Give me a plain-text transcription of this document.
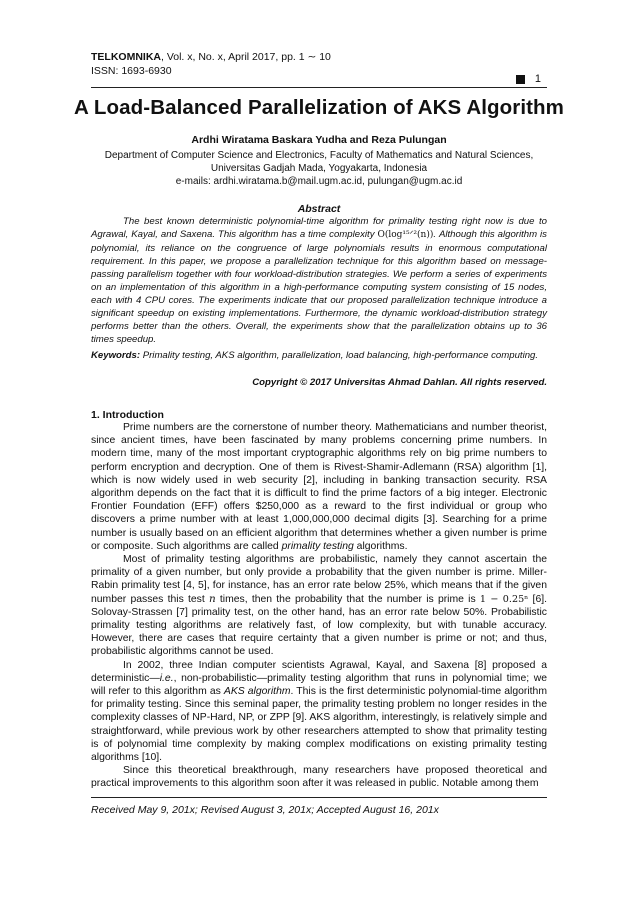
TELKOMNIKA, Vol. x, No. x, April 2017, pp. 1 ∼ 10
ISSN: 1693-6930
1
A Load-Balanced Parallelization of AKS Algorithm
Ardhi Wiratama Baskara Yudha and Reza Pulungan
Department of Computer Science and Electronics, Faculty of Mathematics and Natural Sciences,
Universitas Gadjah Mada, Yogyakarta, Indonesia
e-mails: ardhi.wiratama.b@mail.ugm.ac.id, pulungan@ugm.ac.id
Abstract
The best known deterministic polynomial-time algorithm for primality testing right now is due to Agrawal, Kayal, and Saxena. This algorithm has a time complexity O(log¹⁵ᐟ²(n)). Although this algorithm is polynomial, its reliance on the congruence of large polynomials results in enormous computational requirement. In this paper, we propose a parallelization technique for this algorithm based on message-passing parallelism together with four workload-distribution strategies. We perform a series of experiments on an implementation of this algorithm in a high-performance computing system consisting of 15 nodes, each with 4 CPU cores. The experiments indicate that our proposed parallelization technique introduce a significant speedup on existing implementations. Furthermore, the dynamic workload-distribution strategy performs better than the others. Overall, the experiments show that the parallelization obtains up to 36 times speedup.
Keywords: Primality testing, AKS algorithm, parallelization, load balancing, high-performance computing.
Copyright © 2017 Universitas Ahmad Dahlan. All rights reserved.
1. Introduction

Prime numbers are the cornerstone of number theory. Mathematicians and number theorist, since ancient times, have been fascinated by many problems concerning prime numbers. In modern time, many of the most important cryptographic algorithms rely on big prime numbers to perform encryption and decryption. One of them is Rivest-Shamir-Adlemann (RSA) algorithm [1], which is now widely used in web security [2], including in banking transaction security. RSA algorithm depends on the fact that it is difficult to find the prime factors of a big integer. Electronic Frontier Foundation (EFF) offers $250,000 as a reward to the first individual or group who discovers a prime number with at least 1,000,000,000 decimal digits [3]. Searching for a prime number is usually based on an efficient algorithm that determines whether a given number is prime or composite. Such algorithms are called primality testing algorithms.

Most of primality testing algorithms are probabilistic, namely they cannot ascertain the primality of a given number, but only provide a probability that the given number is prime. Miller-Rabin primality test [4, 5], for instance, has an error rate below 25%, which means that if the given number passes this test n times, then the probability that the number is prime is 1 − 0.25ⁿ [6]. Solovay-Strassen [7] primality test, on the other hand, has an error rate below 50%. Probabilistic primality testing algorithms are relatively fast, of low complexity, but with tunable accuracy. However, there are cases that require certainty that a given number is prime or not; and thus, probabilistic algorithms cannot be used.

In 2002, three Indian computer scientists Agrawal, Kayal, and Saxena [8] proposed a deterministic—i.e., non-probabilistic—primality testing algorithm that runs in polynomial time; we will refer to this algorithm as AKS algorithm. This is the first deterministic polynomial-time algorithm for primality testing. Since this seminal paper, the primality testing problem no longer resides in the complexity classes of NP-Hard, NP, or ZPP [9]. AKS algorithm, interestingly, is relatively simple and straightforward, while previous work by other researchers attempted to show that primality testing is of polynomial time complexity by making complex modifications on existing primality testing algorithms [10].

Since this theoretical breakthrough, many researchers have proposed theoretical and practical improvements to this algorithm soon after it was released in public. Notable among them

Received May 9, 201x; Revised August 3, 201x; Accepted August 16, 201x
